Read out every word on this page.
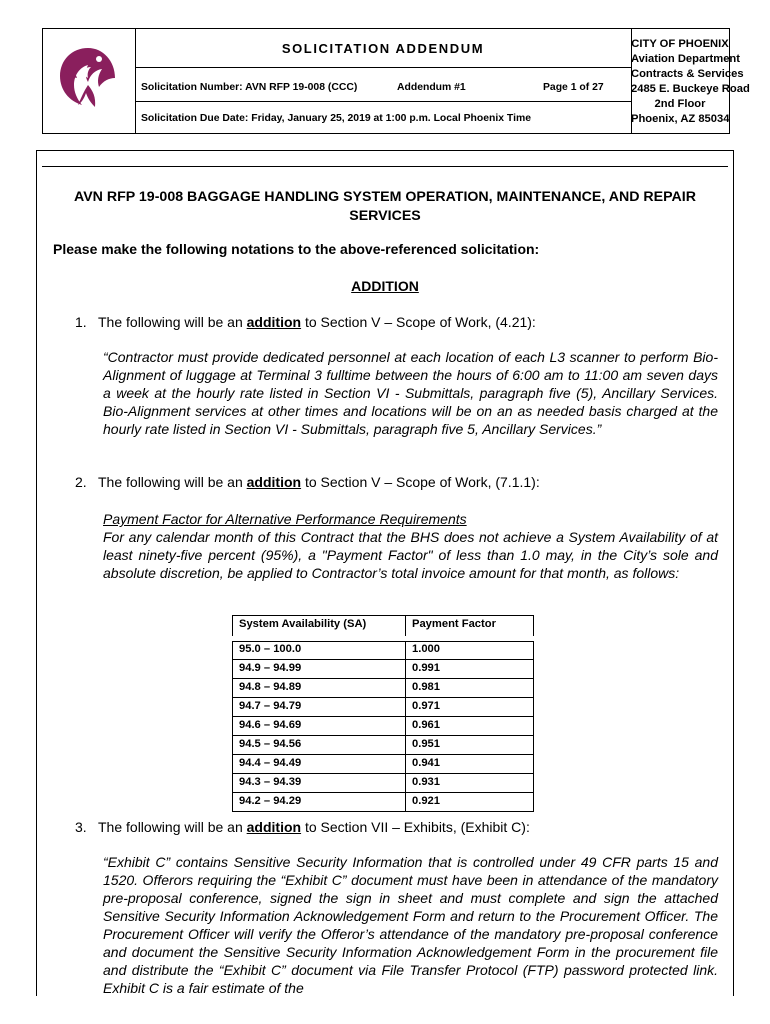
SOLICITATION ADDENDUM
Solicitation Number: AVN RFP 19-008 (CCC)	Addendum #1	Page 1 of 27
Solicitation Due Date: Friday, January 25, 2019 at 1:00 p.m. Local Phoenix Time
CITY OF PHOENIX
Aviation Department
Contracts & Services
2485 E. Buckeye Road
2nd Floor
Phoenix, AZ 85034
AVN RFP 19-008 BAGGAGE HANDLING SYSTEM OPERATION, MAINTENANCE, AND REPAIR SERVICES
Please make the following notations to the above-referenced solicitation:
ADDITION
1. The following will be an addition to Section V – Scope of Work, (4.21):
“Contractor must provide dedicated personnel at each location of each L3 scanner to perform Bio-Alignment of luggage at Terminal 3 fulltime between the hours of 6:00 am to 11:00 am seven days a week at the hourly rate listed in Section VI - Submittals, paragraph five (5), Ancillary Services. Bio-Alignment services at other times and locations will be on an as needed basis charged at the hourly rate listed in Section VI - Submittals, paragraph five 5, Ancillary Services.”
2. The following will be an addition to Section V – Scope of Work, (7.1.1):
Payment Factor for Alternative Performance Requirements
For any calendar month of this Contract that the BHS does not achieve a System Availability of at least ninety-five percent (95%), a "Payment Factor" of less than 1.0 may, in the City’s sole and absolute discretion, be applied to Contractor’s total invoice amount for that month, as follows:
System Availability (SA)	Payment Factor
95.0 – 100.0	1.000
94.9 – 94.99	0.991
94.8 – 94.89	0.981
94.7 – 94.79	0.971
94.6 – 94.69	0.961
94.5 – 94.56	0.951
94.4 – 94.49	0.941
94.3 – 94.39	0.931
94.2 – 94.29	0.921
3. The following will be an addition to Section VII – Exhibits, (Exhibit C):
“Exhibit C” contains Sensitive Security Information that is controlled under 49 CFR parts 15 and 1520. Offerors requiring the “Exhibit C” document must have been in attendance of the mandatory pre-proposal conference, signed the sign in sheet and must complete and sign the attached Sensitive Security Information Acknowledgement Form and return to the Procurement Officer. The Procurement Officer will verify the Offeror’s attendance of the mandatory pre-proposal conference and document the Sensitive Security Information Acknowledgement Form in the procurement file and distribute the “Exhibit C” document via File Transfer Protocol (FTP) password protected link. Exhibit C is a fair estimate of the
